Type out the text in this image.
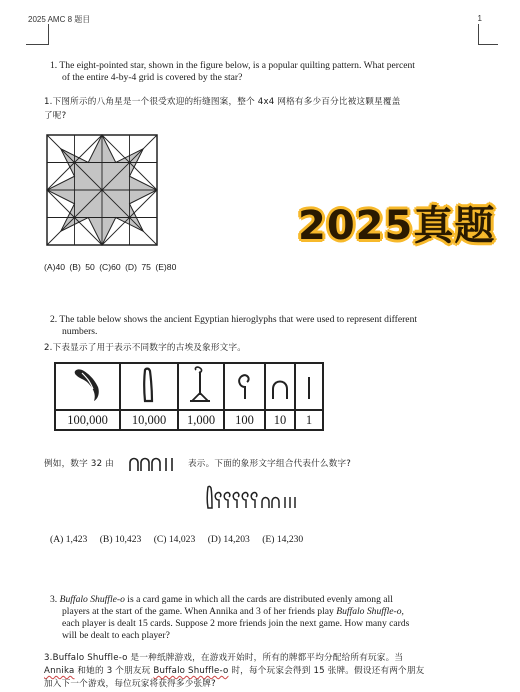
2025 AMC 8 题目	1
1. The eight-pointed star, shown in the figure below, is a popular quilting pattern. What percent
of the entire 4-by-4 grid is covered by the star?
1.下图所示的八角星是一个很受欢迎的绗缝图案，整个 4x4 网格有多少百分比被这颗星覆盖
了呢?
(A)40 (B) 50 (C)60 (D) 75 (E)80
2025真题
2. The table below shows the ancient Egyptian hieroglyphs that were used to represent different
numbers.
2.下表显示了用于表示不同数字的古埃及象形文字。

100,000	10,000	1,000	100	10	1
例如，数字 32 由	表示。下面的象形文字组合代表什么数字?
(A) 1,423 (B) 10,423 (C) 14,023 (D) 14,203 (E) 14,230
3. Buffalo Shuffle-o is a card game in which all the cards are distributed evenly among all
players at the start of the game. When Annika and 3 of her friends play Buffalo Shuffle-o,
each player is dealt 15 cards. Suppose 2 more friends join the next game. How many cards
will be dealt to each player?
3.Buffalo Shuffle-o 是一种纸牌游戏，在游戏开始时，所有的牌都平均分配给所有玩家。当
Annika 和她的 3 个朋友玩 Buffalo Shuffle-o 时，每个玩家会得到 15 张牌。假设还有两个朋友
加入下一个游戏，每位玩家将获得多少张牌?
